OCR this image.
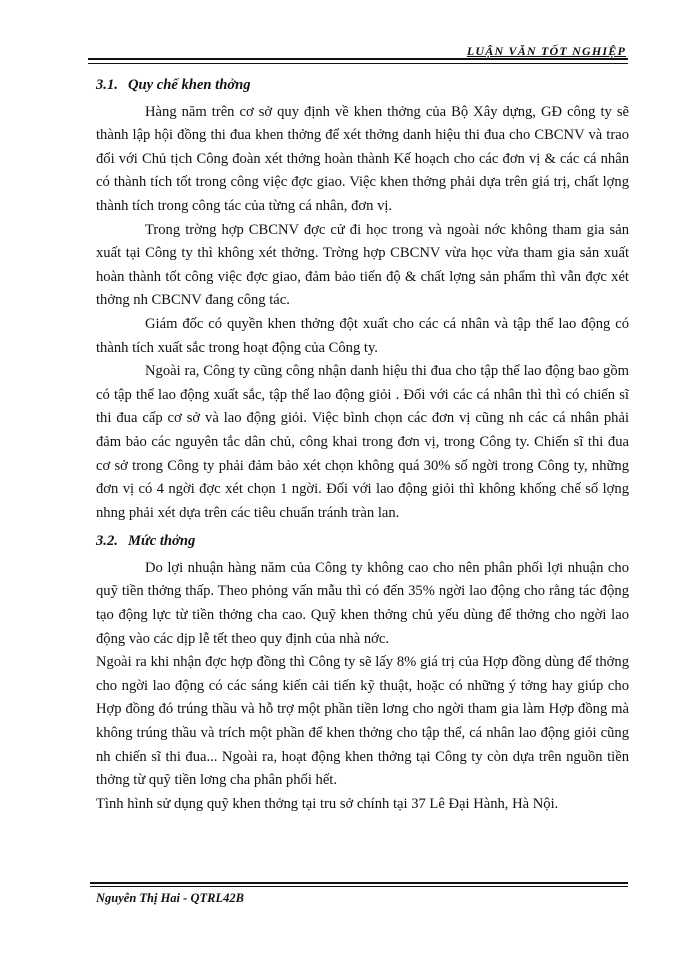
LUẬN VĂN TỐT NGHIỆP
3.1. Quy chế khen thởng

Hàng năm trên cơ sở quy định về khen thởng của Bộ Xây dựng, GĐ công ty sẽ thành lập hội đồng thi đua khen thởng để xét thởng danh hiệu thi đua cho CBCNV và trao đổi với Chủ tịch Công đoàn xét thởng hoàn thành Kế hoạch cho các đơn vị & các cá nhân có thành tích tốt trong công việc đợc giao. Việc khen thởng phải dựa trên giá trị, chất lợng thành tích trong công tác của từng cá nhân, đơn vị.

Trong trờng hợp CBCNV đợc cử đi học trong và ngoài nớc không tham gia sản xuất tại Công ty thì không xét thởng. Trờng hợp CBCNV vừa học vừa tham gia sản xuất hoàn thành tốt công việc đợc giao, đảm bảo tiến độ & chất lợng sản phẩm thì vẫn đợc xét thởng nh CBCNV đang công tác.

Giám đốc có quyền khen thởng đột xuất cho các cá nhân và tập thể lao động có thành tích xuất sắc trong hoạt động của Công ty.

Ngoài ra, Công ty cũng công nhận danh hiệu thi đua cho tập thể lao động bao gồm có tập thể lao động xuất sắc, tập thể lao động giỏi . Đối với các cá nhân thì thì có chiến sĩ thi đua cấp cơ sở và lao động giỏi. Việc bình chọn các đơn vị cũng nh các cá nhân phải đảm bảo các nguyên tắc dân chủ, công khai trong đơn vị, trong Công ty. Chiến sĩ thi đua cơ sở trong Công ty phải đảm bảo xét chọn không quá 30% số ngời trong Công ty, những đơn vị có 4 ngời đợc xét chọn 1 ngời. Đối với lao động giỏi thì không khống chế số lợng nhng phải xét dựa trên các tiêu chuẩn tránh tràn lan.

3.2. Mức thởng

Do lợi nhuận hàng năm của Công ty không cao cho nên phân phối lợi nhuận cho quỹ tiền thởng thấp. Theo phỏng vấn mẫu thì có đến 35% ngời lao động cho rằng tác động tạo động lực từ tiền thởng cha cao. Quỹ khen thởng chủ yếu dùng để thởng cho ngời lao động vào các dịp lễ tết theo quy định của nhà nớc.

Ngoài ra khi nhận đợc hợp đồng thì Công ty sẽ lấy 8% giá trị của Hợp đồng dùng để thởng cho ngời lao động có các sáng kiến cải tiến kỹ thuật, hoặc có những ý tởng hay giúp cho Hợp đồng đó trúng thầu và hỗ trợ một phần tiền lơng cho ngời tham gia làm Hợp đồng mà không trúng thầu và trích một phần để khen thởng cho tập thể, cá nhân lao động giỏi cũng nh chiến sĩ thi đua... Ngoài ra, hoạt động khen thởng tại Công ty còn dựa trên nguồn tiền thởng từ quỹ tiền lơng cha phân phối hết.

Tình hình sử dụng quỹ khen thởng tại tru sở chính tại 37 Lê Đại Hành, Hà Nội.

Nguyễn Thị Hai - QTRL42B
